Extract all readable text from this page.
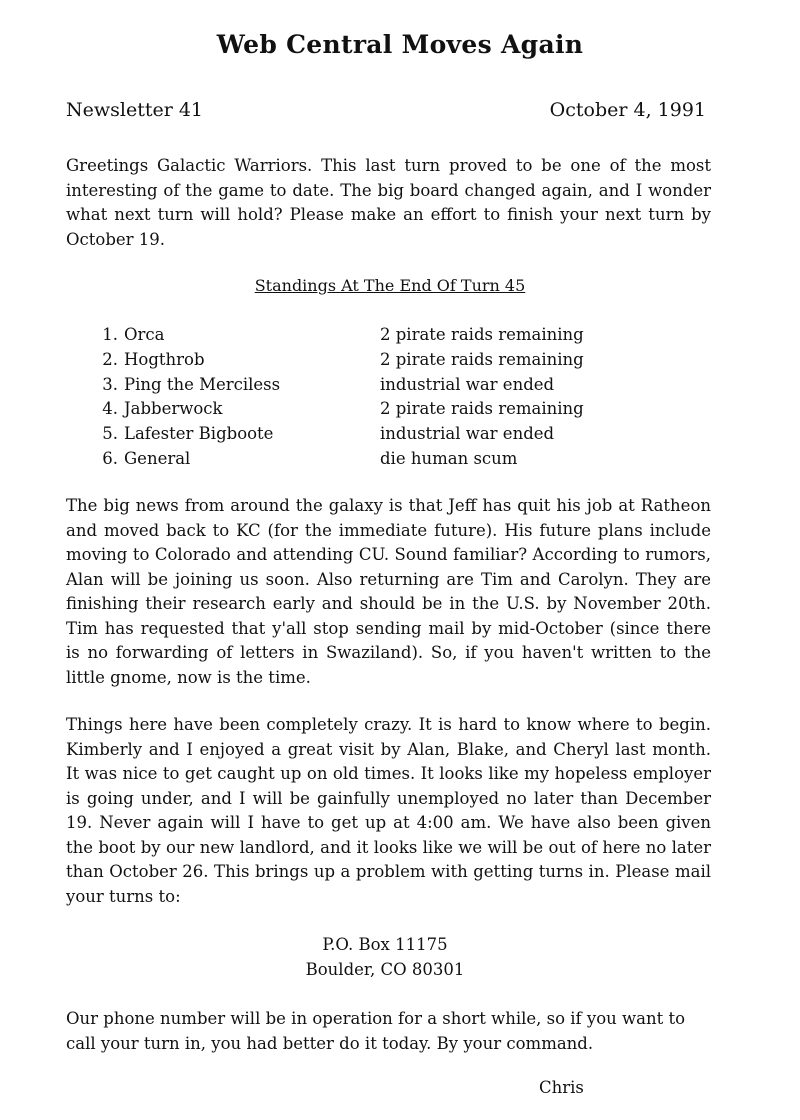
Web Central Moves Again
Newsletter 41	October 4, 1991

Greetings Galactic Warriors. This last turn proved to be one of the most interesting of the game to date. The big board changed again, and I wonder what next turn will hold? Please make an effort to finish your next turn by October 19.

Standings At The End Of Turn 45
1. Orca	2 pirate raids remaining
2. Hogthrob	2 pirate raids remaining
3. Ping the Merciless	industrial war ended
4. Jabberwock	2 pirate raids remaining
5. Lafester Bigboote	industrial war ended
6. General	die human scum

The big news from around the galaxy is that Jeff has quit his job at Ratheon and moved back to KC (for the immediate future). His future plans include moving to Colorado and attending CU. Sound familiar? According to rumors, Alan will be joining us soon. Also returning are Tim and Carolyn. They are finishing their research early and should be in the U.S. by November 20th. Tim has requested that y'all stop sending mail by mid-October (since there is no forwarding of letters in Swaziland). So, if you haven't written to the little gnome, now is the time.

Things here have been completely crazy. It is hard to know where to begin. Kimberly and I enjoyed a great visit by Alan, Blake, and Cheryl last month. It was nice to get caught up on old times. It looks like my hopeless employer is going under, and I will be gainfully unemployed no later than December 19. Never again will I have to get up at 4:00 am. We have also been given the boot by our new landlord, and it looks like we will be out of here no later than October 26. This brings up a problem with getting turns in. Please mail your turns to:

P.O. Box 11175
Boulder, CO 80301

Our phone number will be in operation for a short while, so if you want to call your turn in, you had better do it today. By your command.

Chris
